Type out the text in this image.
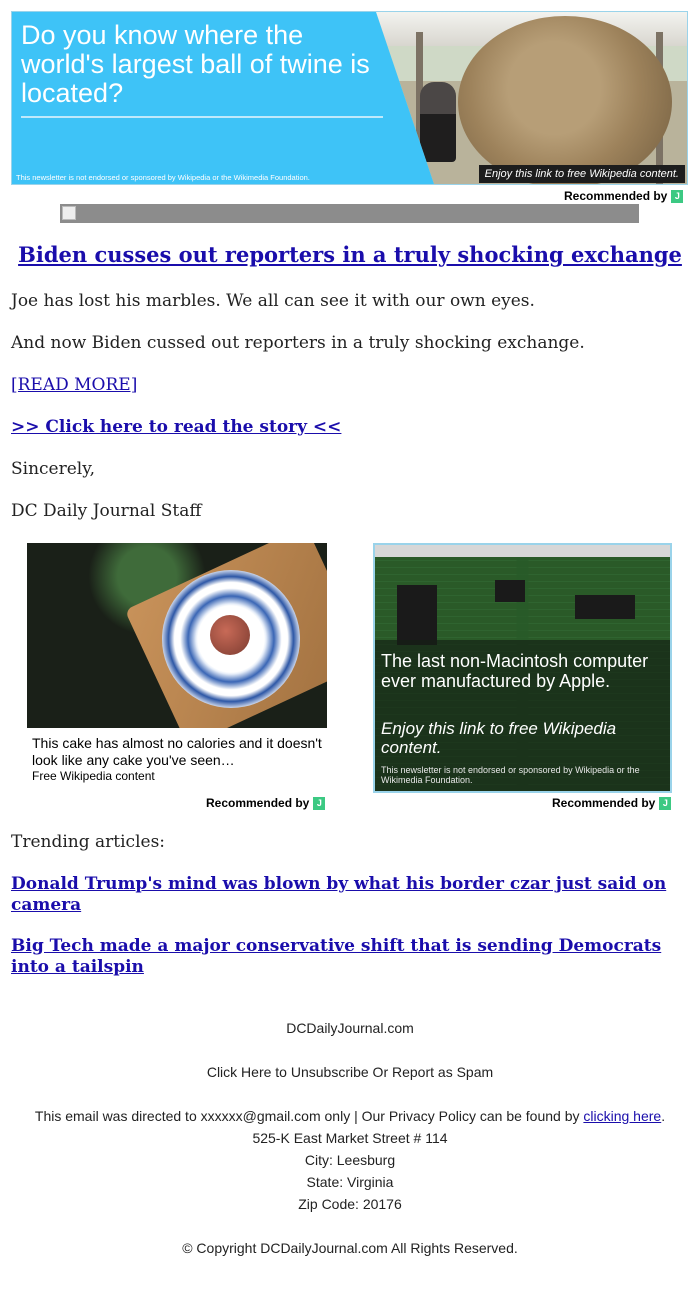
Do you know where the world's largest ball of twine is located?
This newsletter is not endorsed or sponsored by Wikipedia or the Wikimedia Foundation.	Enjoy this link to free Wikipedia content.
Recommended by J
Biden cusses out reporters in a truly shocking exchange
Joe has lost his marbles. We all can see it with our own eyes.
And now Biden cussed out reporters in a truly shocking exchange.
[READ MORE]
>> Click here to read the story <<
Sincerely,
DC Daily Journal Staff
This cake has almost no calories and it doesn't look like any cake you've seen…
Free Wikipedia content
Recommended by J
The last non-Macintosh computer ever manufactured by Apple.
Enjoy this link to free Wikipedia content.
This newsletter is not endorsed or sponsored by Wikipedia or the Wikimedia Foundation.
Recommended by J
Trending articles:
Donald Trump's mind was blown by what his border czar just said on camera
Big Tech made a major conservative shift that is sending Democrats into a tailspin
DCDailyJournal.com
Click Here to Unsubscribe Or Report as Spam
This email was directed to xxxxxx@gmail.com only | Our Privacy Policy can be found by clicking here.
525-K East Market Street # 114
City: Leesburg
State: Virginia
Zip Code: 20176
© Copyright DCDailyJournal.com All Rights Reserved.
